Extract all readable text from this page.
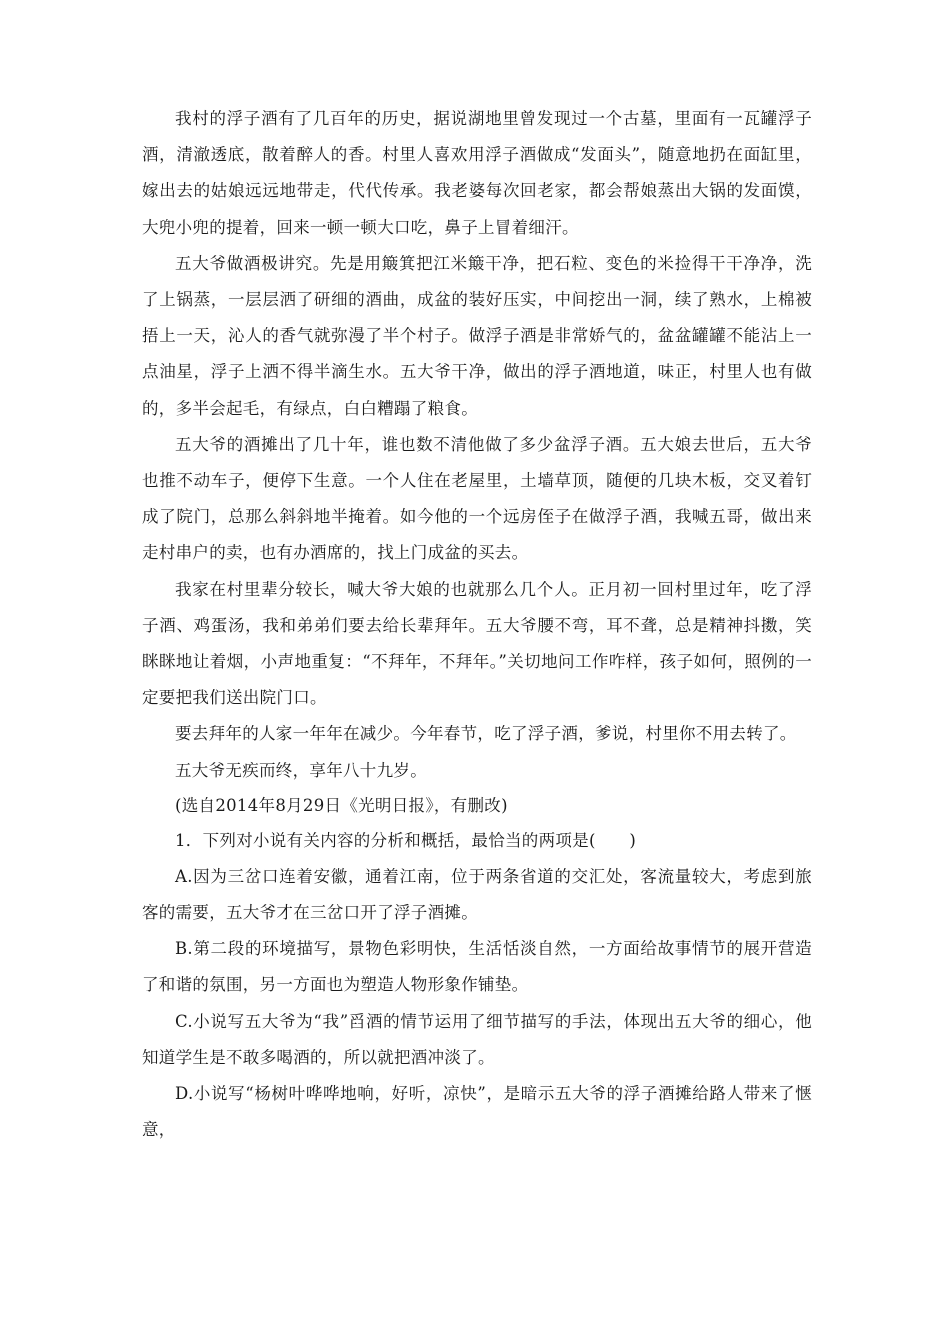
我村的浮子酒有了几百年的历史，据说湖地里曾发现过一个古墓，里面有一瓦罐浮子酒，清澈透底，散着醉人的香。村里人喜欢用浮子酒做成“发面头”，随意地扔在面缸里，嫁出去的姑娘远远地带走，代代传承。我老婆每次回老家，都会帮娘蒸出大锅的发面馍，大兜小兜的提着，回来一顿一顿大口吃，鼻子上冒着细汗。

五大爷做酒极讲究。先是用簸箕把江米簸干净，把石粒、变色的米捡得干干净净，洗了上锅蒸，一层层洒了研细的酒曲，成盆的装好压实，中间挖出一洞，续了熟水，上棉被捂上一天，沁人的香气就弥漫了半个村子。做浮子酒是非常娇气的，盆盆罐罐不能沾上一点油星，浮子上洒不得半滴生水。五大爷干净，做出的浮子酒地道，味正，村里人也有做的，多半会起毛，有绿点，白白糟蹋了粮食。

五大爷的酒摊出了几十年，谁也数不清他做了多少盆浮子酒。五大娘去世后，五大爷也推不动车子，便停下生意。一个人住在老屋里，土墙草顶，随便的几块木板，交叉着钉成了院门，总那么斜斜地半掩着。如今他的一个远房侄子在做浮子酒，我喊五哥，做出来走村串户的卖，也有办酒席的，找上门成盆的买去。

我家在村里辈分较长，喊大爷大娘的也就那么几个人。正月初一回村里过年，吃了浮子酒、鸡蛋汤，我和弟弟们要去给长辈拜年。五大爷腰不弯，耳不聋，总是精神抖擞，笑眯眯地让着烟，小声地重复：“不拜年，不拜年。”关切地问工作咋样，孩子如何，照例的一定要把我们送出院门口。

要去拜年的人家一年年在减少。今年春节，吃了浮子酒，爹说，村里你不用去转了。

五大爷无疾而终，享年八十九岁。

(选自2014年8月29日《光明日报》，有删改)

1．下列对小说有关内容的分析和概括，最恰当的两项是(　　)

A.因为三岔口连着安徽，通着江南，位于两条省道的交汇处，客流量较大，考虑到旅客的需要，五大爷才在三岔口开了浮子酒摊。

B.第二段的环境描写，景物色彩明快，生活恬淡自然，一方面给故事情节的展开营造了和谐的氛围，另一方面也为塑造人物形象作铺垫。

C.小说写五大爷为“我”舀酒的情节运用了细节描写的手法，体现出五大爷的细心，他知道学生是不敢多喝酒的，所以就把酒冲淡了。

D.小说写“杨树叶哗哗地响，好听，凉快”，是暗示五大爷的浮子酒摊给路人带来了惬意，
